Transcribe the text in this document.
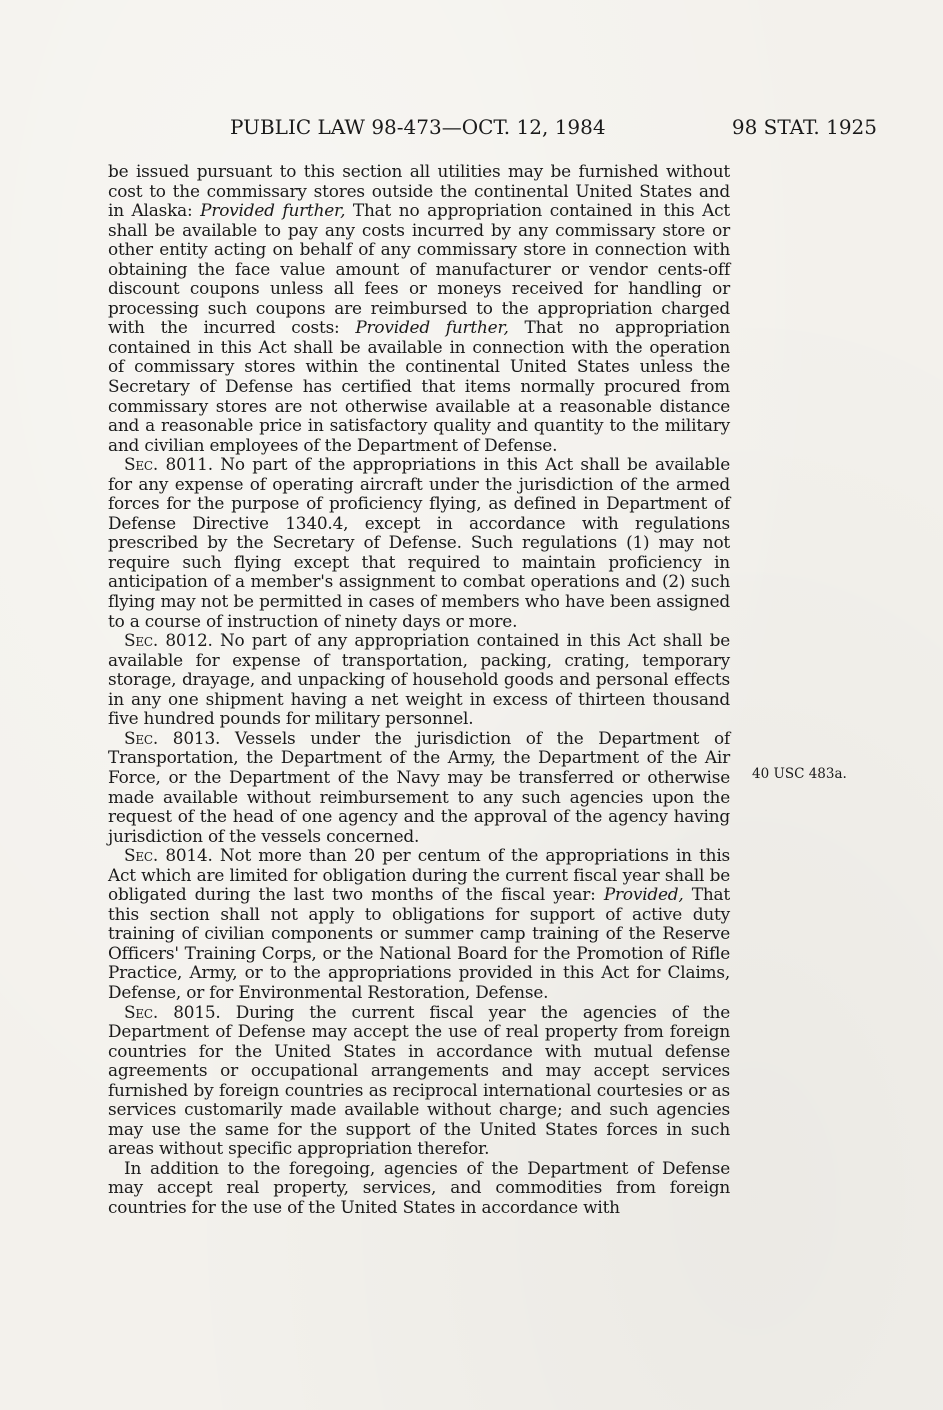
PUBLIC LAW 98-473—OCT. 12, 1984	98 STAT. 1925

be issued pursuant to this section all utilities may be furnished without cost to the commissary stores outside the continental United States and in Alaska: Provided further, That no appropriation contained in this Act shall be available to pay any costs incurred by any commissary store or other entity acting on behalf of any commissary store in connection with obtaining the face value amount of manufacturer or vendor cents-off discount coupons unless all fees or moneys received for handling or processing such coupons are reimbursed to the appropriation charged with the incurred costs: Provided further, That no appropriation contained in this Act shall be available in connection with the operation of commissary stores within the continental United States unless the Secretary of Defense has certified that items normally procured from commissary stores are not otherwise available at a reasonable distance and a reasonable price in satisfactory quality and quantity to the military and civilian employees of the Department of Defense.

Sec. 8011. No part of the appropriations in this Act shall be available for any expense of operating aircraft under the jurisdiction of the armed forces for the purpose of proficiency flying, as defined in Department of Defense Directive 1340.4, except in accordance with regulations prescribed by the Secretary of Defense. Such regulations (1) may not require such flying except that required to maintain proficiency in anticipation of a member's assignment to combat operations and (2) such flying may not be permitted in cases of members who have been assigned to a course of instruction of ninety days or more.

Sec. 8012. No part of any appropriation contained in this Act shall be available for expense of transportation, packing, crating, temporary storage, drayage, and unpacking of household goods and personal effects in any one shipment having a net weight in excess of thirteen thousand five hundred pounds for military personnel.

Sec. 8013. Vessels under the jurisdiction of the Department of Transportation, the Department of the Army, the Department of the Air Force, or the Department of the Navy may be transferred or otherwise made available without reimbursement to any such agencies upon the request of the head of one agency and the approval of the agency having jurisdiction of the vessels concerned.

Sec. 8014. Not more than 20 per centum of the appropriations in this Act which are limited for obligation during the current fiscal year shall be obligated during the last two months of the fiscal year: Provided, That this section shall not apply to obligations for support of active duty training of civilian components or summer camp training of the Reserve Officers' Training Corps, or the National Board for the Promotion of Rifle Practice, Army, or to the appropriations provided in this Act for Claims, Defense, or for Environmental Restoration, Defense.

Sec. 8015. During the current fiscal year the agencies of the Department of Defense may accept the use of real property from foreign countries for the United States in accordance with mutual defense agreements or occupational arrangements and may accept services furnished by foreign countries as reciprocal international courtesies or as services customarily made available without charge; and such agencies may use the same for the support of the United States forces in such areas without specific appropriation therefor.

In addition to the foregoing, agencies of the Department of Defense may accept real property, services, and commodities from foreign countries for the use of the United States in accordance with

40 USC 483a.
